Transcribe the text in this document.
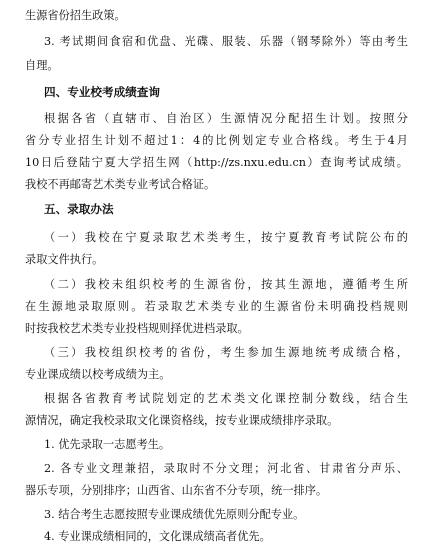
生源省份招生政策。
3. 考试期间食宿和优盘、光碟、服装、乐器（钢琴除外）等由考生
自理。
四、专业校考成绩查询
根据各省（直辖市、自治区）生源情况分配招生计划。按照分
省分专业招生计划不超过1：4的比例划定专业合格线。考生于4月
10日后登陆宁夏大学招生网（http://zs.nxu.edu.cn）查询考试成绩。
我校不再邮寄艺术类专业考试合格证。
五、录取办法
（一）我校在宁夏录取艺术类考生，按宁夏教育考试院公布的
录取文件执行。
（二）我校未组织校考的生源省份，按其生源地，遵循考生所
在生源地录取原则。若录取艺术类专业的生源省份未明确投档规则
时按我校艺术类专业投档规则择优进档录取。
（三）我校组织校考的省份，考生参加生源地统考成绩合格，
专业课成绩以校考成绩为主。
根据各省教育考试院划定的艺术类文化课控制分数线，结合生
源情况，确定我校录取文化课资格线，按专业课成绩排序录取。
1. 优先录取一志愿考生。
2. 各专业文理兼招，录取时不分文理；河北省、甘肃省分声乐、
器乐专项，分别排序；山西省、山东省不分专项，统一排序。
3. 结合考生志愿按照专业课成绩优先原则分配专业。
4. 专业课成绩相同的，文化课成绩高者优先。
